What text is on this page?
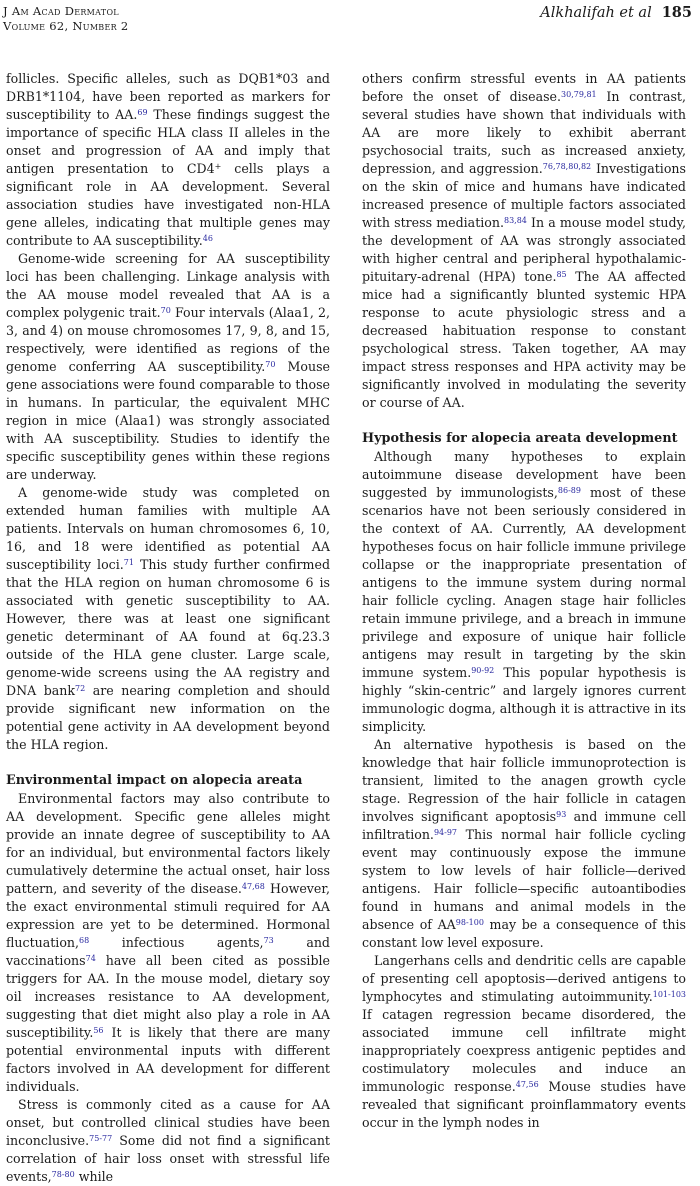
J Am Acad Dermatol
Volume 62, Number 2
Alkhalifah et al 185

follicles. Specific alleles, such as DQB1*03 and DRB1*1104, have been reported as markers for susceptibility to AA.$^{69}$ These findings suggest the importance of specific HLA class II alleles in the onset and progression of AA and imply that antigen presentation to CD4+ cells plays a significant role in AA development. Several association studies have investigated non-HLA gene alleles, indicating that multiple genes may contribute to AA susceptibility.$^{46}$

Genome-wide screening for AA susceptibility loci has been challenging. Linkage analysis with the AA mouse model revealed that AA is a complex polygenic trait.$^{70}$ Four intervals (Alaa1, 2, 3, and 4) on mouse chromosomes 17, 9, 8, and 15, respectively, were identified as regions of the genome conferring AA susceptibility.$^{70}$ Mouse gene associations were found comparable to those in humans. In particular, the equivalent MHC region in mice (Alaa1) was strongly associated with AA susceptibility. Studies to identify the specific susceptibility genes within these regions are underway.

A genome-wide study was completed on extended human families with multiple AA patients. Intervals on human chromosomes 6, 10, 16, and 18 were identified as potential AA susceptibility loci.$^{71}$ This study further confirmed that the HLA region on human chromosome 6 is associated with genetic susceptibility to AA. However, there was at least one significant genetic determinant of AA found at 6q.23.3 outside of the HLA gene cluster. Large scale, genome-wide screens using the AA registry and DNA bank$^{72}$ are nearing completion and should provide significant new information on the potential gene activity in AA development beyond the HLA region.

Environmental impact on alopecia areata

Environmental factors may also contribute to AA development. Specific gene alleles might provide an innate degree of susceptibility to AA for an individual, but environmental factors likely cumulatively determine the actual onset, hair loss pattern, and severity of the disease.$^{47,68}$ However, the exact environmental stimuli required for AA expression are yet to be determined. Hormonal fluctuation,$^{68}$ infectious agents,$^{73}$ and vaccinations$^{74}$ have all been cited as possible triggers for AA. In the mouse model, dietary soy oil increases resistance to AA development, suggesting that diet might also play a role in AA susceptibility.$^{56}$ It is likely that there are many potential environmental inputs with different factors involved in AA development for different individuals.

Stress is commonly cited as a cause for AA onset, but controlled clinical studies have been inconclusive.$^{75-77}$ Some did not find a significant correlation of hair loss onset with stressful life events,$^{78-80}$ while

others confirm stressful events in AA patients before the onset of disease.$^{30,79,81}$ In contrast, several studies have shown that individuals with AA are more likely to exhibit aberrant psychosocial traits, such as increased anxiety, depression, and aggression.$^{76,78,80,82}$ Investigations on the skin of mice and humans have indicated increased presence of multiple factors associated with stress mediation.$^{83,84}$ In a mouse model study, the development of AA was strongly associated with higher central and peripheral hypothalamic-pituitary-adrenal (HPA) tone.$^{85}$ The AA affected mice had a significantly blunted systemic HPA response to acute physiologic stress and a decreased habituation response to constant psychological stress. Taken together, AA may impact stress responses and HPA activity may be significantly involved in modulating the severity or course of AA.

Hypothesis for alopecia areata development

Although many hypotheses to explain autoimmune disease development have been suggested by immunologists,$^{86-89}$ most of these scenarios have not been seriously considered in the context of AA. Currently, AA development hypotheses focus on hair follicle immune privilege collapse or the inappropriate presentation of antigens to the immune system during normal hair follicle cycling. Anagen stage hair follicles retain immune privilege, and a breach in immune privilege and exposure of unique hair follicle antigens may result in targeting by the skin immune system.$^{90-92}$ This popular hypothesis is highly “skin-centric” and largely ignores current immunologic dogma, although it is attractive in its simplicity.

An alternative hypothesis is based on the knowledge that hair follicle immunoprotection is transient, limited to the anagen growth cycle stage. Regression of the hair follicle in catagen involves significant apoptosis$^{93}$ and immune cell infiltration.$^{94-97}$ This normal hair follicle cycling event may continuously expose the immune system to low levels of hair follicle—derived antigens. Hair follicle—specific autoantibodies found in humans and animal models in the absence of AA$^{98-100}$ may be a consequence of this constant low level exposure.

Langerhans cells and dendritic cells are capable of presenting cell apoptosis—derived antigens to lymphocytes and stimulating autoimmunity.$^{101-103}$ If catagen regression became disordered, the associated immune cell infiltrate might inappropriately coexpress antigenic peptides and costimulatory molecules and induce an immunologic response.$^{47,56}$ Mouse studies have revealed that significant proinflammatory events occur in the lymph nodes in
